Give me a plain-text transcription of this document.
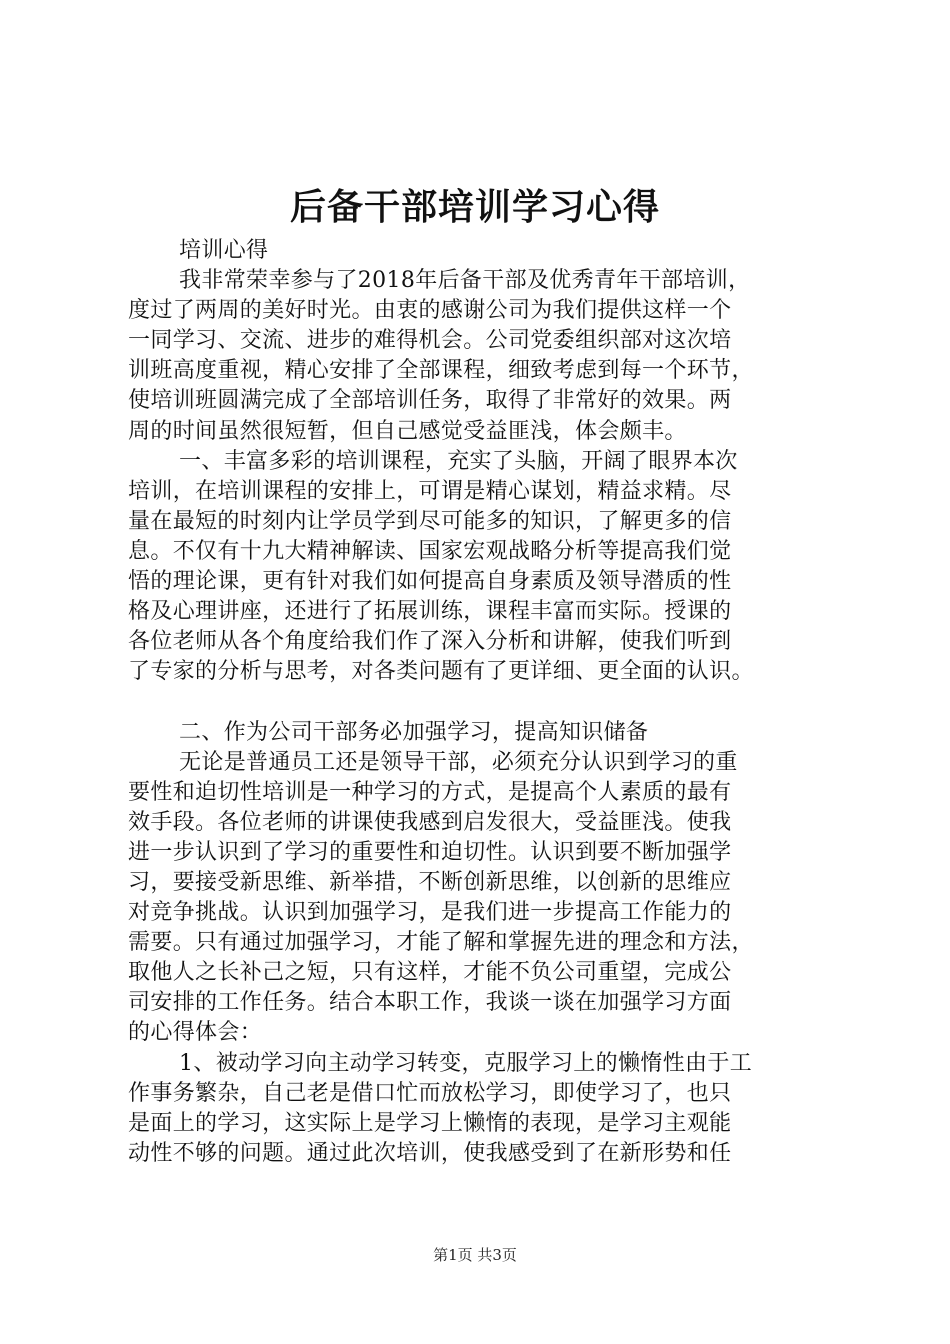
后备干部培训学习心得
培训心得
我非常荣幸参与了2018年后备干部及优秀青年干部培训，
度过了两周的美好时光。由衷的感谢公司为我们提供这样一个
一同学习、交流、进步的难得机会。公司党委组织部对这次培
训班高度重视，精心安排了全部课程，细致考虑到每一个环节，
使培训班圆满完成了全部培训任务，取得了非常好的效果。两
周的时间虽然很短暂，但自己感觉受益匪浅，体会颇丰。
一、丰富多彩的培训课程，充实了头脑，开阔了眼界本次
培训，在培训课程的安排上，可谓是精心谋划，精益求精。尽
量在最短的时刻内让学员学到尽可能多的知识，了解更多的信
息。不仅有十九大精神解读、国家宏观战略分析等提高我们觉
悟的理论课，更有针对我们如何提高自身素质及领导潜质的性
格及心理讲座，还进行了拓展训练，课程丰富而实际。授课的
各位老师从各个角度给我们作了深入分析和讲解，使我们听到
了专家的分析与思考，对各类问题有了更详细、更全面的认识。
二、作为公司干部务必加强学习，提高知识储备
无论是普通员工还是领导干部，必须充分认识到学习的重
要性和迫切性培训是一种学习的方式，是提高个人素质的最有
效手段。各位老师的讲课使我感到启发很大，受益匪浅。使我
进一步认识到了学习的重要性和迫切性。认识到要不断加强学
习，要接受新思维、新举措，不断创新思维，以创新的思维应
对竞争挑战。认识到加强学习，是我们进一步提高工作能力的
需要。只有通过加强学习，才能了解和掌握先进的理念和方法，
取他人之长补己之短，只有这样，才能不负公司重望，完成公
司安排的工作任务。结合本职工作，我谈一谈在加强学习方面
的心得体会：
1、被动学习向主动学习转变，克服学习上的懒惰性由于工
作事务繁杂，自己老是借口忙而放松学习，即使学习了，也只
是面上的学习，这实际上是学习上懒惰的表现，是学习主观能
动性不够的问题。通过此次培训，使我感受到了在新形势和任
第1页 共3页
